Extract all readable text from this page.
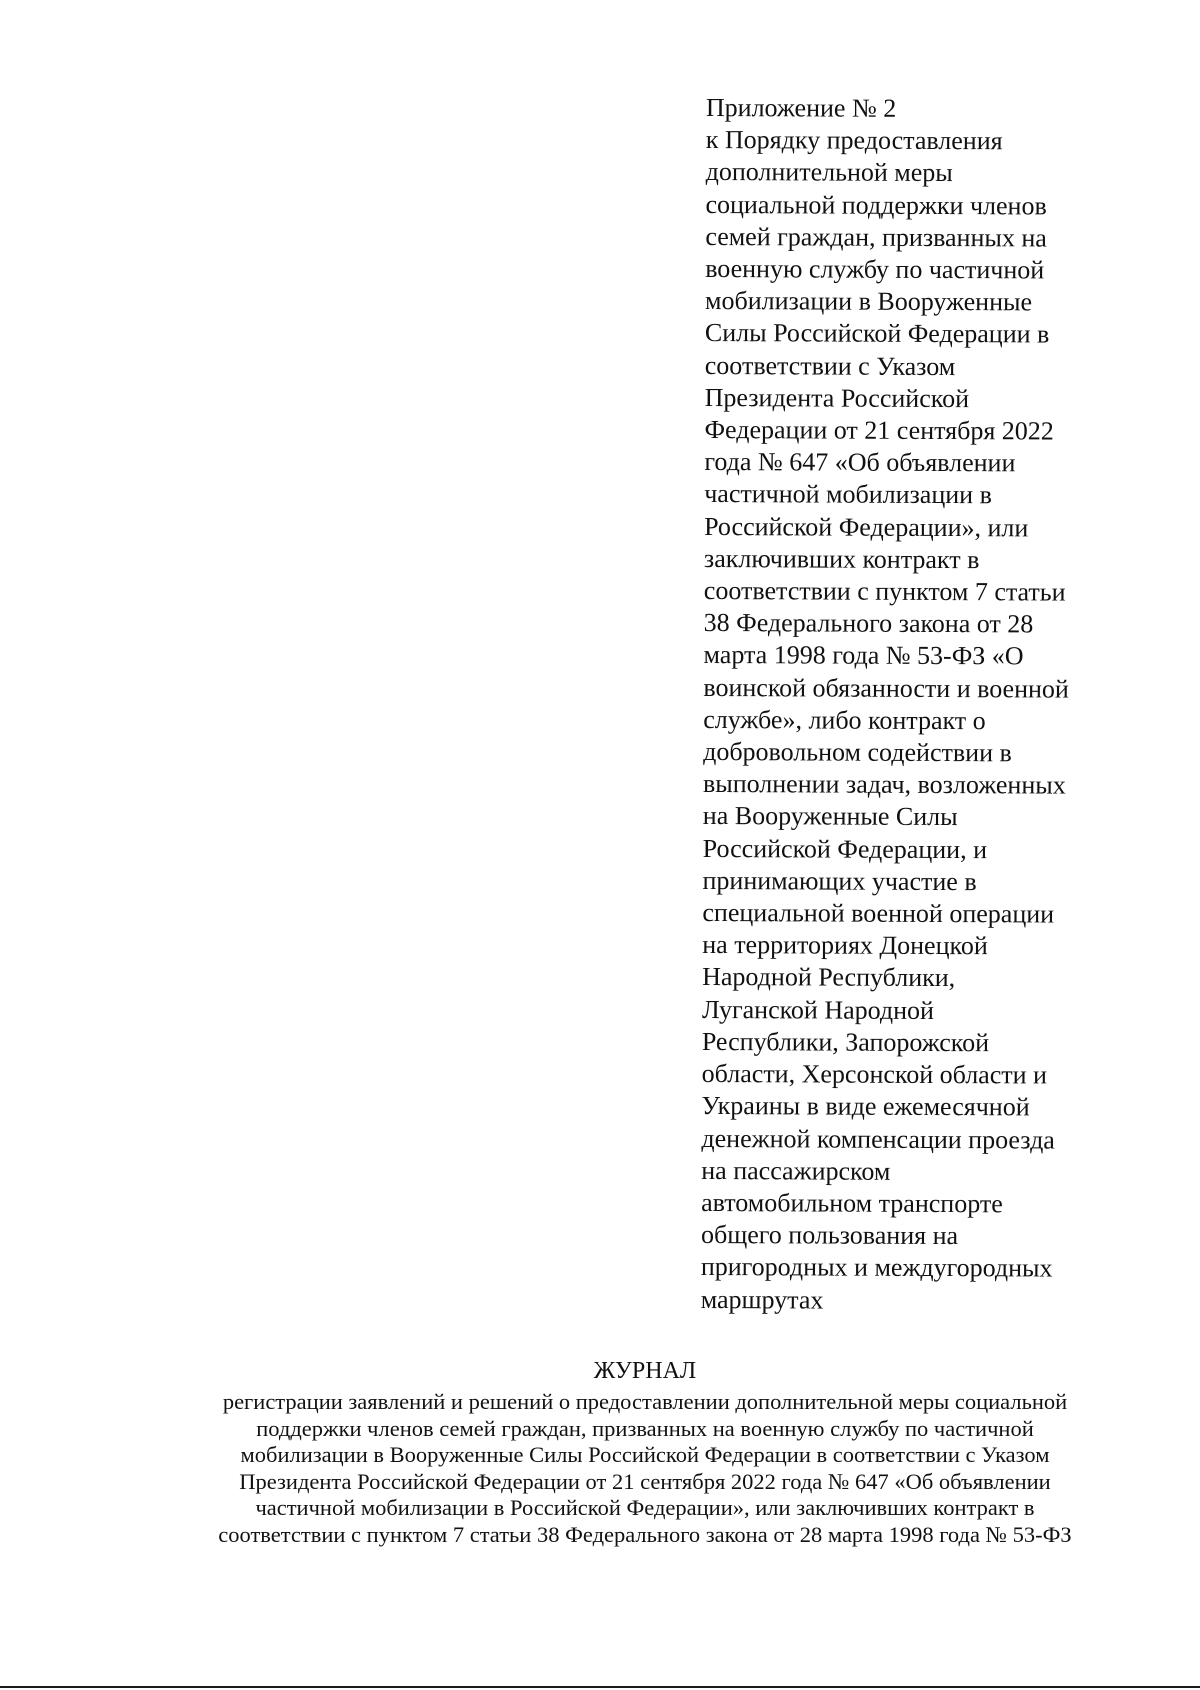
Приложение № 2
к Порядку предоставления
дополнительной меры
социальной поддержки членов
семей граждан, призванных на
военную службу по частичной
мобилизации в Вооруженные
Силы Российской Федерации в
соответствии с Указом
Президента Российской
Федерации от 21 сентября 2022
года № 647 «Об объявлении
частичной мобилизации в
Российской Федерации», или
заключивших контракт в
соответствии с пунктом 7 статьи
38 Федерального закона от 28
марта 1998 года № 53-ФЗ «О
воинской обязанности и военной
службе», либо контракт о
добровольном содействии в
выполнении задач, возложенных
на Вооруженные Силы
Российской Федерации, и
принимающих участие в
специальной военной операции
на территориях Донецкой
Народной Республики,
Луганской Народной
Республики, Запорожской
области, Херсонской области и
Украины в виде ежемесячной
денежной компенсации проезда
на пассажирском
автомобильном транспорте
общего пользования на
пригородных и междугородных
маршрутах
ЖУРНАЛ
регистрации заявлений и решений о предоставлении дополнительной меры социальной
поддержки членов семей граждан, призванных на военную службу по частичной
мобилизации в Вооруженные Силы Российской Федерации в соответствии с Указом
Президента Российской Федерации от 21 сентября 2022 года № 647 «Об объявлении
частичной мобилизации в Российской Федерации», или заключивших контракт в
соответствии с пунктом 7 статьи 38 Федерального закона от 28 марта 1998 года № 53-ФЗ
